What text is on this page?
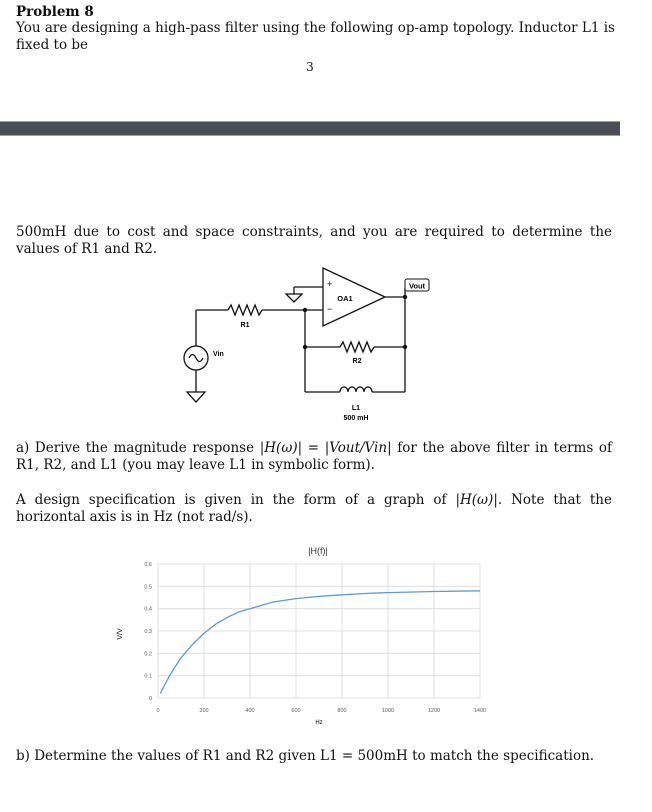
Problem 8
You are designing a high-pass filter using the following op-amp topology. Inductor L1 is fixed to be
3
500mH due to cost and space constraints, and you are required to determine the values of R1 and R2.
Vout
+
−
OA1
R1
R2
Vin
L1
500 mH
a) Derive the magnitude response |H(ω)| = |Vout/Vin| for the above filter in terms of R1, R2, and L1 (you may leave L1 in symbolic form).
A design specification is given in the form of a graph of |H(ω)|. Note that the horizontal axis is in Hz (not rad/s).
|H(f)|
0
0.1
0.2
0.3
0.4
0.5
0.6
0	200	400	600	800	1000	1200	1400
Hz
V/V
b) Determine the values of R1 and R2 given L1 = 500mH to match the specification.
